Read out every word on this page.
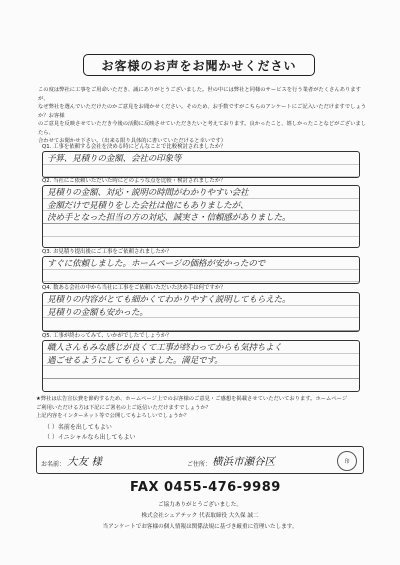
お客様のお声をお聞かせください
この度は弊社に工事をご用命いただき、誠にありがとうございました。世の中には弊社と同様のサービスを行う業者がたくさんありますが、
なぜ弊社を選んでいただけたのかご意見をお聞かせください。そのため、お手数ですがこちらのアンケートにご記入いただけますでしょうか？お客様
のご意見を反映させていただき今後の活動に反映させていただきたいと考えております。良かったこと、嬉しかったことなどがございましたら、
合わせてお聞かせ下さい。（出来る限り具体的に書いていただけると幸いです）
Q1. 工事を依頼する会社を決める時にどんなことで比較検討されましたか？
予算、見積りの金額、会社の印象等
Q2. 当社にご依頼いただいた時にどのような点を比較・検討されましたか？
見積りの金額、対応・説明の時間がわかりやすい会社
金額だけで見積りをした会社は他にもありましたが、
決め手となった担当の方の対応、誠実さ・信頼感がありました。
Q3. お見積り提出後にご工事をご依頼されましたか？
すぐに依頼しました。ホームページの価格が安かったので
Q4. 数ある会社の中から当社に工事をご依頼いただいた決め手は何ですか？
見積りの内容がとても細かくてわかりやすく説明してもらえた。
見積りの金額も安かった。
Q5. 工事が終わってみて、いかがでしたでしょうか？
職人さんもみな感じが良くて工事が終わってからも気持ちよく
過ごせるようにしてもらいました。満足です。
★弊社は広告宣伝費を節約するため、ホームページ上でのお客様のご意見・ご感想を掲載させていただいております。ホームページ
ご利用いただける方は下記にご署名の上ご返信いただけますでしょうか？
上記内容をインターネット等で公開してもよろしいでしょうか？
（ ）名前を出してもよい
（ ）イニシャルなら出してもよい
お名前： 大友 様	ご住所： 横浜市瀬谷区	印
FAX 0455-476-9989
ご協力ありがとうございました。
株式会社シェアテック 代表取締役 大久保 誠二
当アンケートでお客様の個人情報は関係法規に基づき厳重に管理いたします。
